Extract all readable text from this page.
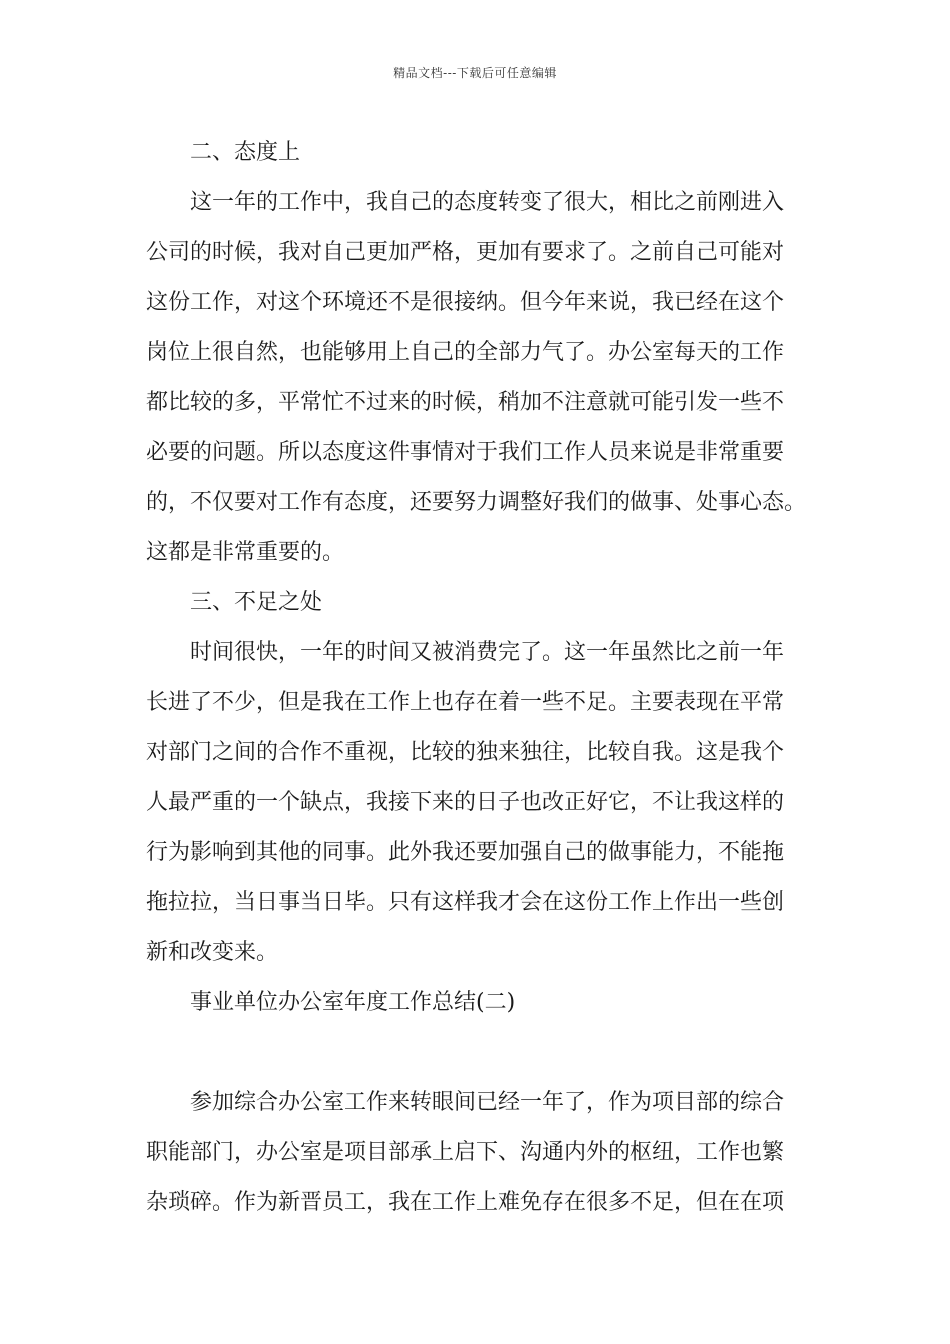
精品文档---下载后可任意编辑
二、态度上
这一年的工作中，我自己的态度转变了很大，相比之前刚进入
公司的时候，我对自己更加严格，更加有要求了。之前自己可能对
这份工作，对这个环境还不是很接纳。但今年来说，我已经在这个
岗位上很自然，也能够用上自己的全部力气了。办公室每天的工作
都比较的多，平常忙不过来的时候，稍加不注意就可能引发一些不
必要的问题。所以态度这件事情对于我们工作人员来说是非常重要
的，不仅要对工作有态度，还要努力调整好我们的做事、处事心态。
这都是非常重要的。
三、不足之处
时间很快，一年的时间又被消费完了。这一年虽然比之前一年
长进了不少，但是我在工作上也存在着一些不足。主要表现在平常
对部门之间的合作不重视，比较的独来独往，比较自我。这是我个
人最严重的一个缺点，我接下来的日子也改正好它，不让我这样的
行为影响到其他的同事。此外我还要加强自己的做事能力，不能拖
拖拉拉，当日事当日毕。只有这样我才会在这份工作上作出一些创
新和改变来。
事业单位办公室年度工作总结(二)
参加综合办公室工作来转眼间已经一年了，作为项目部的综合
职能部门，办公室是项目部承上启下、沟通内外的枢纽，工作也繁
杂琐碎。作为新晋员工，我在工作上难免存在很多不足，但在在项
